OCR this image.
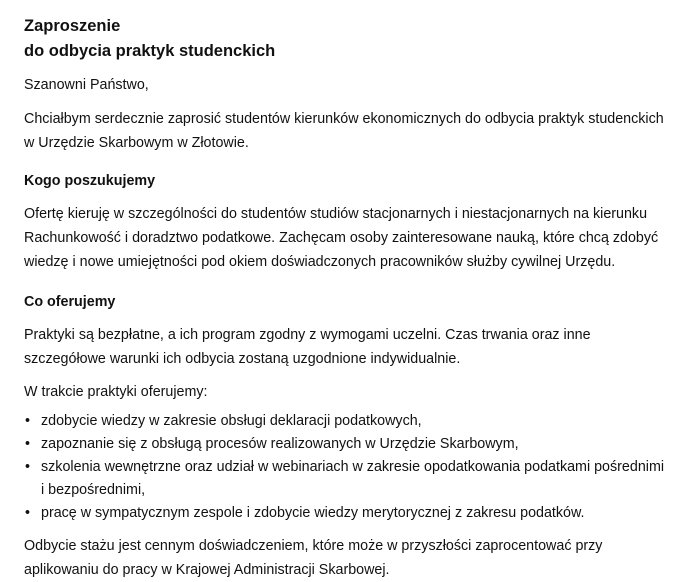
Zaproszenie
do odbycia praktyk studenckich

Szanowni Państwo,

Chciałbym serdecznie zaprosić studentów kierunków ekonomicznych do odbycia praktyk studenckich w Urzędzie Skarbowym w Złotowie.

Kogo poszukujemy

Ofertę kieruję w szczególności do studentów studiów stacjonarnych i niestacjonarnych na kierunku Rachunkowość i doradztwo podatkowe. Zachęcam osoby zainteresowane nauką, które chcą zdobyć wiedzę i nowe umiejętności pod okiem doświadczonych pracowników służby cywilnej Urzędu.

Co oferujemy

Praktyki są bezpłatne, a ich program zgodny z wymogami uczelni. Czas trwania oraz inne szczegółowe warunki ich odbycia zostaną uzgodnione indywidualnie.

W trakcie praktyki oferujemy:

• zdobycie wiedzy w zakresie obsługi deklaracji podatkowych,
• zapoznanie się z obsługą procesów realizowanych w Urzędzie Skarbowym,
• szkolenia wewnętrzne oraz udział w webinariach w zakresie opodatkowania podatkami pośrednimi i bezpośrednimi,
• pracę w sympatycznym zespole i zdobycie wiedzy merytorycznej z zakresu podatków.

Odbycie stażu jest cennym doświadczeniem, które może w przyszłości zaprocentować przy aplikowaniu do pracy w Krajowej Administracji Skarbowej.
